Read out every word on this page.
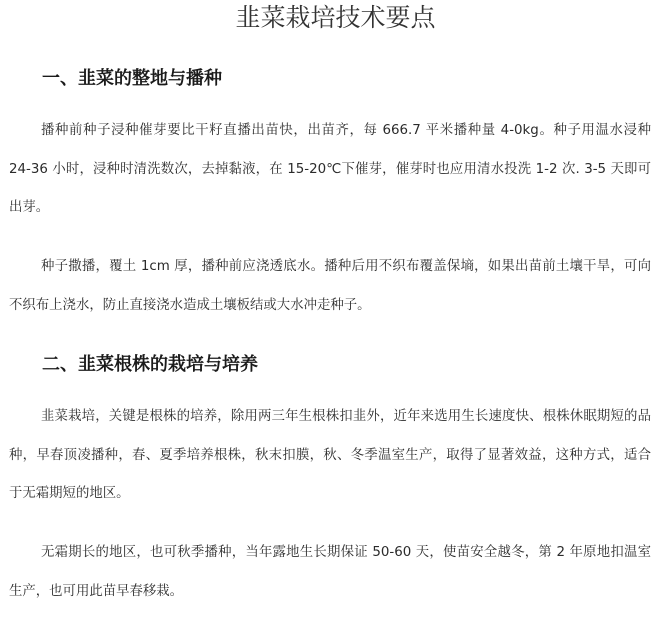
韭菜栽培技术要点
一、韭菜的整地与播种

播种前种子浸种催芽要比干籽直播出苗快，出苗齐，每 666.7 平米播种量 4-0kg。种子用温水浸种 24-36 小时，浸种时清洗数次，去掉黏液，在 15-20℃下催芽，催芽时也应用清水投洗 1-2 次. 3-5 天即可出芽。

种子撒播，覆土 1cm 厚，播种前应浇透底水。播种后用不织布覆盖保墒，如果出苗前土壤干旱，可向不织布上浇水，防止直接浇水造成土壤板结或大水冲走种子。

二、韭菜根株的栽培与培养

韭菜栽培，关键是根株的培养，除用两三年生根株扣韭外，近年来选用生长速度快、根株休眠期短的品种，早春顶凌播种，春、夏季培养根株，秋末扣膜，秋、冬季温室生产，取得了显著效益，这种方式，适合于无霜期短的地区。

无霜期长的地区，也可秋季播种，当年露地生长期保证 50-60 天，使苗安全越冬，第 2 年原地扣温室生产，也可用此苗早春移栽。
